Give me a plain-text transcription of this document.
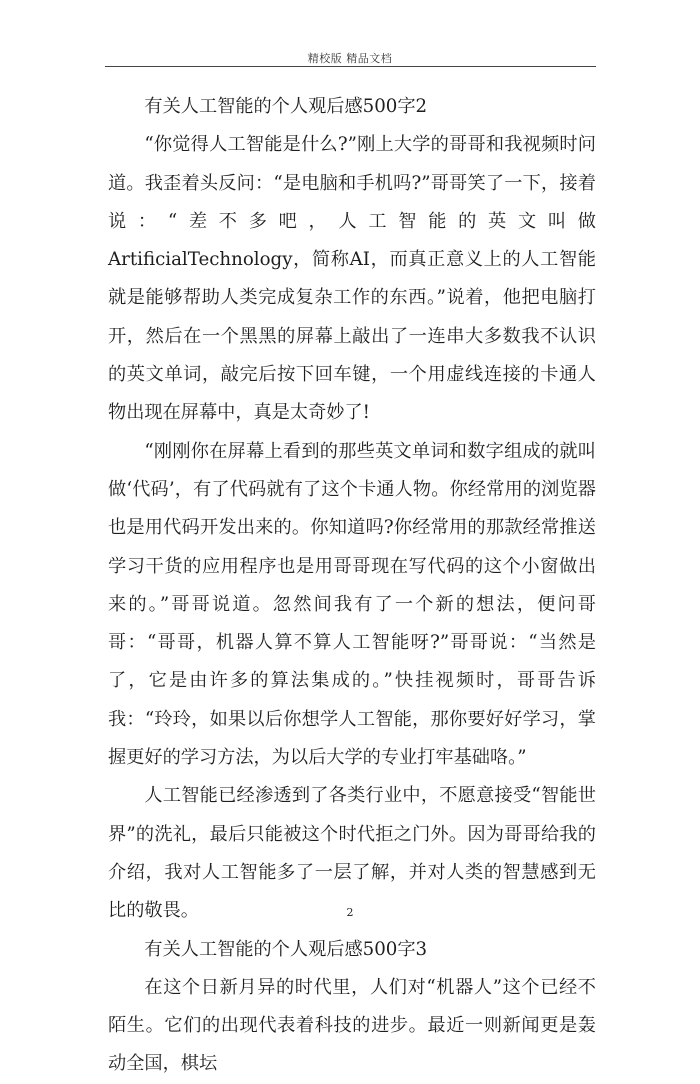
精校版 精品文档

有关人工智能的个人观后感500字2

“你觉得人工智能是什么?”刚上大学的哥哥和我视频时问道。我歪着头反问：“是电脑和手机吗?”哥哥笑了一下，接着说：“差不多吧，人工智能的英文叫做ArtificialTechnology，简称AI，而真正意义上的人工智能就是能够帮助人类完成复杂工作的东西。”说着，他把电脑打开，然后在一个黑黑的屏幕上敲出了一连串大多数我不认识的英文单词，敲完后按下回车键，一个用虚线连接的卡通人物出现在屏幕中，真是太奇妙了!

“刚刚你在屏幕上看到的那些英文单词和数字组成的就叫做‘代码’，有了代码就有了这个卡通人物。你经常用的浏览器也是用代码开发出来的。你知道吗?你经常用的那款经常推送学习干货的应用程序也是用哥哥现在写代码的这个小窗做出来的。”哥哥说道。忽然间我有了一个新的想法，便问哥哥：“哥哥，机器人算不算人工智能呀?”哥哥说：“当然是了，它是由许多的算法集成的。”快挂视频时，哥哥告诉我：“玲玲，如果以后你想学人工智能，那你要好好学习，掌握更好的学习方法，为以后大学的专业打牢基础咯。”

人工智能已经渗透到了各类行业中，不愿意接受“智能世界”的洗礼，最后只能被这个时代拒之门外。因为哥哥给我的介绍，我对人工智能多了一层了解，并对人类的智慧感到无比的敬畏。

有关人工智能的个人观后感500字3

在这个日新月异的时代里，人们对“机器人”这个已经不陌生。它们的出现代表着科技的进步。最近一则新闻更是轰动全国，棋坛

2
